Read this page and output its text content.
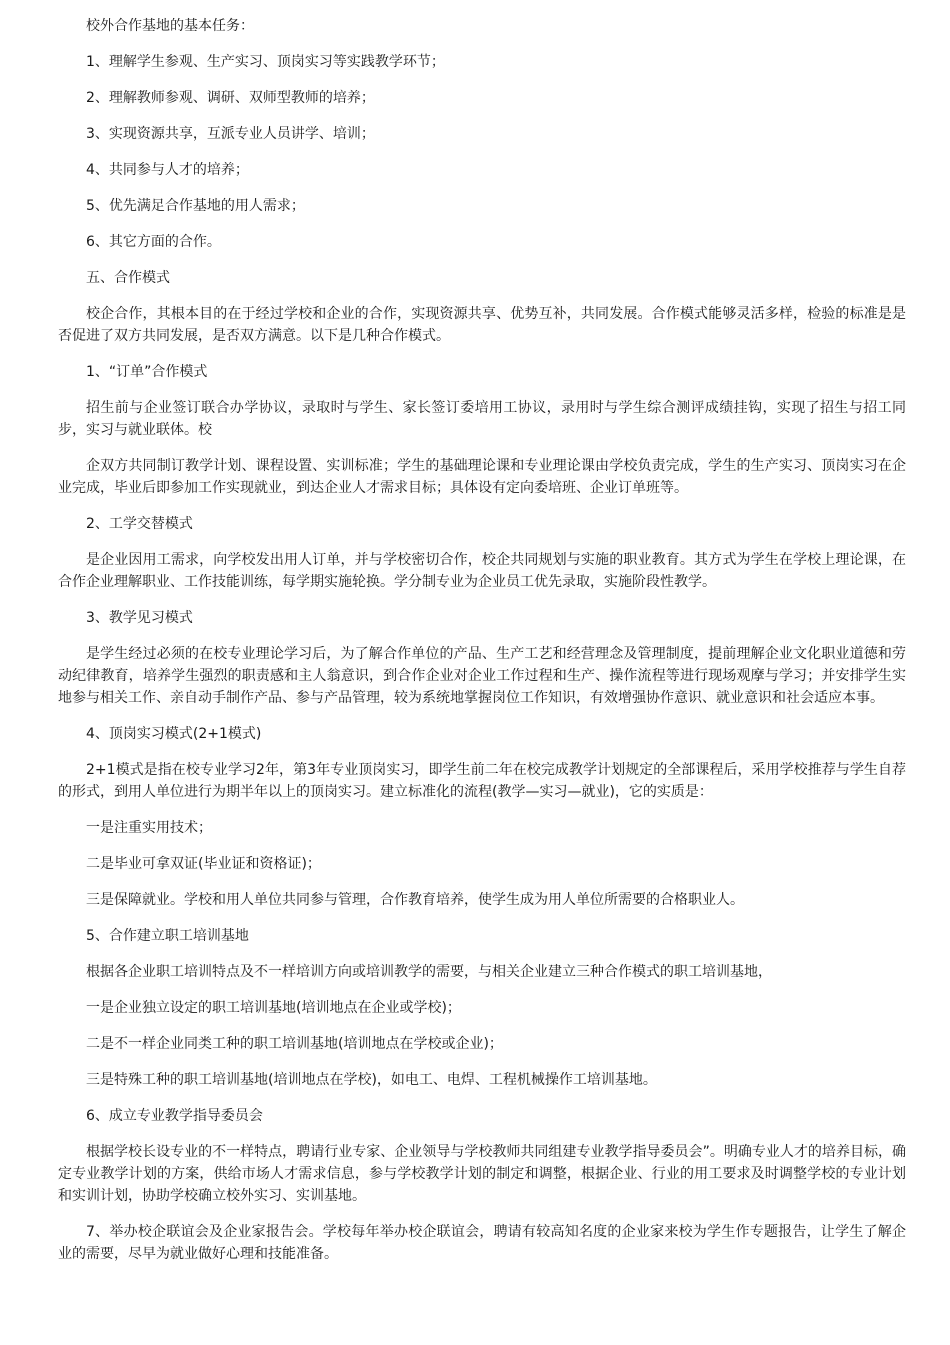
校外合作基地的基本任务：

1、理解学生参观、生产实习、顶岗实习等实践教学环节；

2、理解教师参观、调研、双师型教师的培养；

3、实现资源共享，互派专业人员讲学、培训；

4、共同参与人才的培养；

5、优先满足合作基地的用人需求；

6、其它方面的合作。

五、合作模式

校企合作，其根本目的在于经过学校和企业的合作，实现资源共享、优势互补，共同发展。合作模式能够灵活多样，检验的标准是是否促进了双方共同发展，是否双方满意。以下是几种合作模式。

1、“订单”合作模式

招生前与企业签订联合办学协议，录取时与学生、家长签订委培用工协议，录用时与学生综合测评成绩挂钩，实现了招生与招工同步，实习与就业联体。校

企双方共同制订教学计划、课程设置、实训标准；学生的基础理论课和专业理论课由学校负责完成，学生的生产实习、顶岗实习在企业完成，毕业后即参加工作实现就业，到达企业人才需求目标；具体设有定向委培班、企业订单班等。

2、工学交替模式

是企业因用工需求，向学校发出用人订单，并与学校密切合作，校企共同规划与实施的职业教育。其方式为学生在学校上理论课，在合作企业理解职业、工作技能训练，每学期实施轮换。学分制专业为企业员工优先录取，实施阶段性教学。

3、教学见习模式

是学生经过必须的在校专业理论学习后，为了解合作单位的产品、生产工艺和经营理念及管理制度，提前理解企业文化职业道德和劳动纪律教育，培养学生强烈的职责感和主人翁意识，到合作企业对企业工作过程和生产、操作流程等进行现场观摩与学习；并安排学生实地参与相关工作、亲自动手制作产品、参与产品管理，较为系统地掌握岗位工作知识，有效增强协作意识、就业意识和社会适应本事。

4、顶岗实习模式(2+1模式)

2+1模式是指在校专业学习2年，第3年专业顶岗实习，即学生前二年在校完成教学计划规定的全部课程后，采用学校推荐与学生自荐的形式，到用人单位进行为期半年以上的顶岗实习。建立标准化的流程(教学—实习—就业)，它的实质是：

一是注重实用技术；

二是毕业可拿双证(毕业证和资格证)；

三是保障就业。学校和用人单位共同参与管理，合作教育培养，使学生成为用人单位所需要的合格职业人。

5、合作建立职工培训基地

根据各企业职工培训特点及不一样培训方向或培训教学的需要，与相关企业建立三种合作模式的职工培训基地，

一是企业独立设定的职工培训基地(培训地点在企业或学校)；

二是不一样企业同类工种的职工培训基地(培训地点在学校或企业)；

三是特殊工种的职工培训基地(培训地点在学校)，如电工、电焊、工程机械操作工培训基地。

6、成立专业教学指导委员会

根据学校长设专业的不一样特点，聘请行业专家、企业领导与学校教师共同组建专业教学指导委员会”。明确专业人才的培养目标，确定专业教学计划的方案，供给市场人才需求信息，参与学校教学计划的制定和调整，根据企业、行业的用工要求及时调整学校的专业计划和实训计划，协助学校确立校外实习、实训基地。

7、举办校企联谊会及企业家报告会。学校每年举办校企联谊会，聘请有较高知名度的企业家来校为学生作专题报告，让学生了解企业的需要，尽早为就业做好心理和技能准备。
